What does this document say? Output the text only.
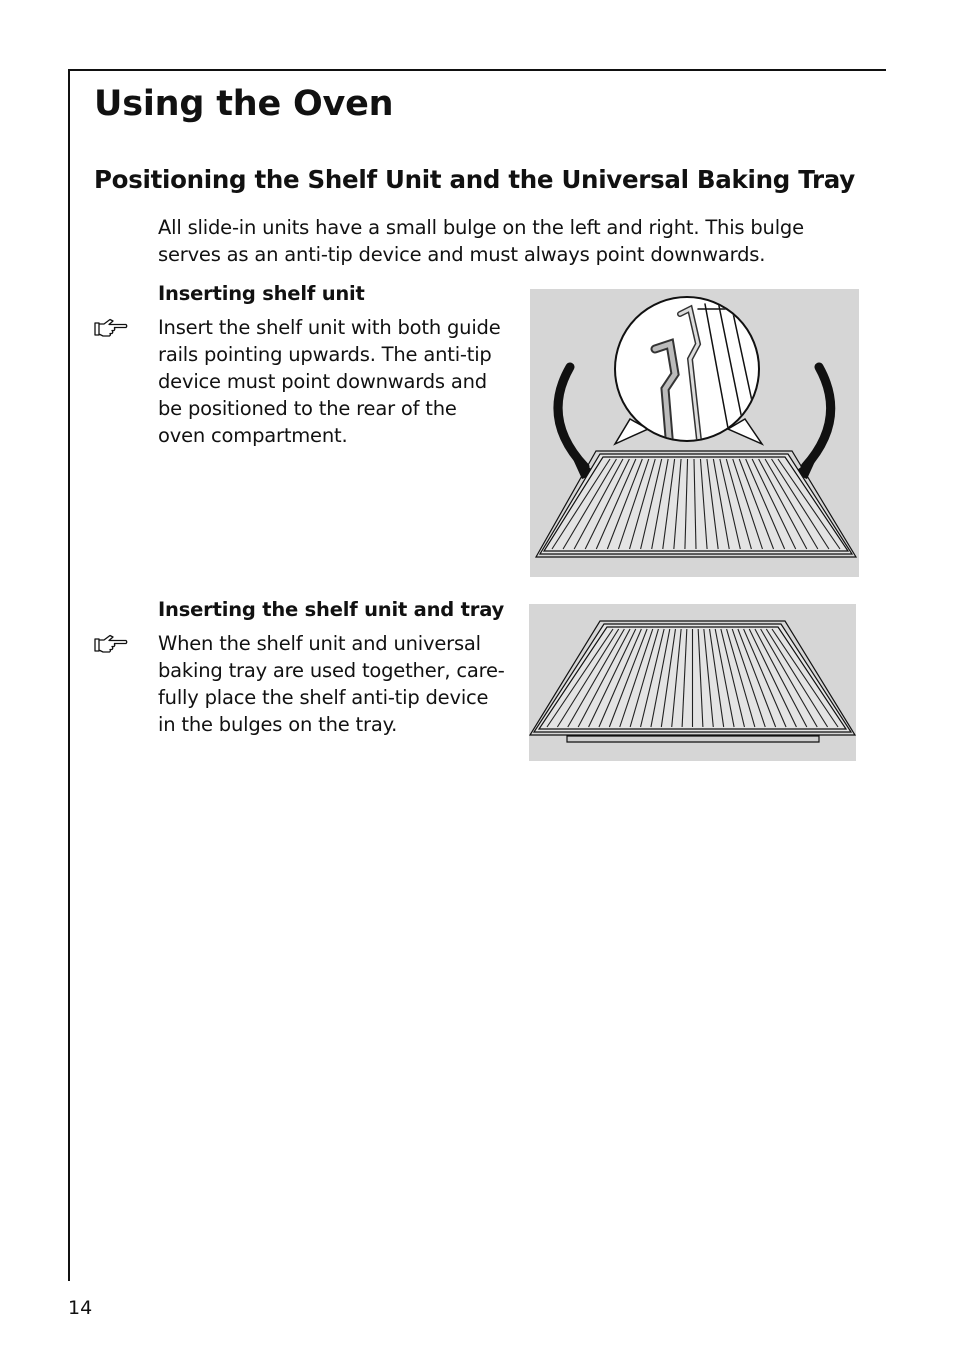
Using the Oven
Positioning the Shelf Unit and the Universal Baking Tray
All slide-in units have a small bulge on the left and right. This bulge
serves as an anti-tip device and must always point downwards.
Inserting shelf unit
Insert the shelf unit with both guide
rails pointing upwards. The anti-tip
device must point downwards and
be positioned to the rear of the
oven compartment.
Inserting the shelf unit and tray
When the shelf unit and universal
baking tray are used together, care-
fully place the shelf anti-tip device
in the bulges on the tray.
14
